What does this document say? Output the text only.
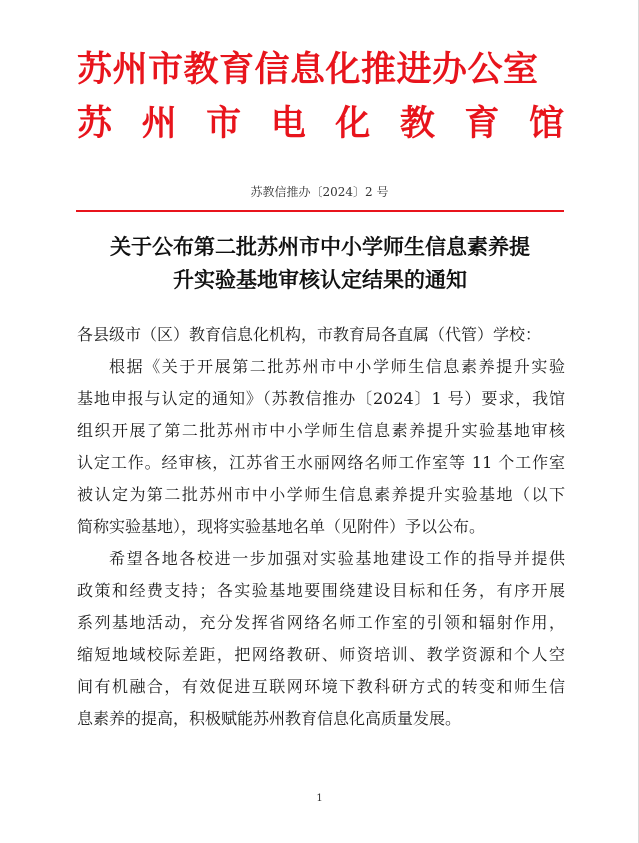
苏州市教育信息化推进办公室
苏 州 市 电 化 教 育 馆
苏教信推办〔2024〕2 号
关于公布第二批苏州市中小学师生信息素养提
升实验基地审核认定结果的通知
各县级市（区）教育信息化机构，市教育局各直属（代管）学校：
根据《关于开展第二批苏州市中小学师生信息素养提升实验
基地申报与认定的通知》（苏教信推办〔2024〕1 号）要求，我馆
组织开展了第二批苏州市中小学师生信息素养提升实验基地审核
认定工作。经审核，江苏省王水丽网络名师工作室等 11 个工作室
被认定为第二批苏州市中小学师生信息素养提升实验基地（以下
简称实验基地），现将实验基地名单（见附件）予以公布。
希望各地各校进一步加强对实验基地建设工作的指导并提供
政策和经费支持；各实验基地要围绕建设目标和任务，有序开展
系列基地活动，充分发挥省网络名师工作室的引领和辐射作用，
缩短地域校际差距，把网络教研、师资培训、教学资源和个人空
间有机融合，有效促进互联网环境下教科研方式的转变和师生信
息素养的提高，积极赋能苏州教育信息化高质量发展。
1
